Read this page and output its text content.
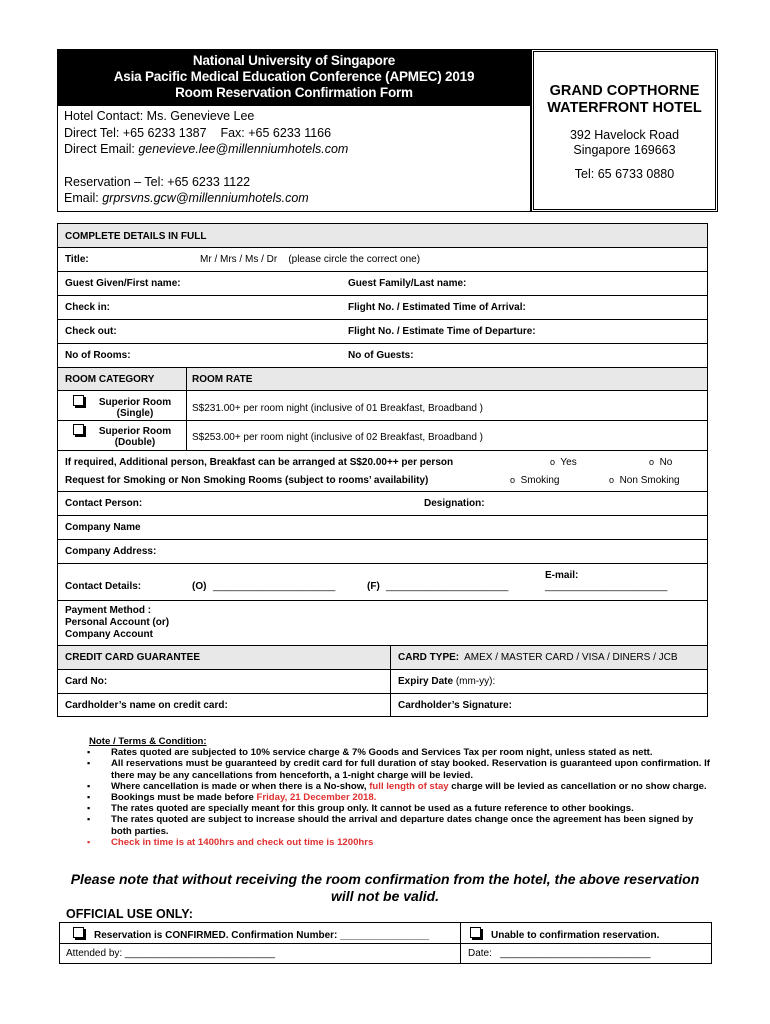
National University of Singapore
Asia Pacific Medical Education Conference (APMEC) 2019
Room Reservation Confirmation Form
Hotel Contact: Ms. Genevieve Lee
Direct Tel: +65 6233 1387    Fax: +65 6233 1166
Direct Email: genevieve.lee@millenniumhotels.com
Reservation – Tel: +65 6233 1122
Email: grprsvns.gcw@millenniumhotels.com
GRAND COPTHORNE
WATERFRONT HOTEL
392 Havelock Road
Singapore 169663
Tel: 65 6733 0880
COMPLETE DETAILS IN FULL
Title:	Mr / Mrs / Ms / Dr    (please circle the correct one)
Guest Given/First name:	Guest Family/Last name:
Check in:	Flight No. / Estimated Time of Arrival:
Check out:	Flight No. / Estimate Time of Departure:
No of Rooms:	No of Guests:
ROOM CATEGORY	ROOM RATE
Superior Room
(Single)	S$231.00+ per room night (inclusive of 01 Breakfast, Broadband )
Superior Room
(Double)	S$253.00+ per room night (inclusive of 02 Breakfast, Broadband )
If required, Additional person, Breakfast can be arranged at S$20.00++ per person	o Yes	o No
Request for Smoking or Non Smoking Rooms (subject to rooms’ availability)	o Smoking	o Non Smoking
Contact Person:	Designation:
Company Name
Company Address:
Contact Details:	(O) ______________________	(F) ______________________
E-mail:
______________________
Payment Method :
Personal Account (or)
Company Account
CREDIT CARD GUARANTEE	CARD TYPE: AMEX / MASTER CARD / VISA / DINERS / JCB
Card No:	Expiry Date (mm-yy):
Cardholder’s name on credit card:	Cardholder’s Signature:
Note / Terms & Condition:
▪ Rates quoted are subjected to 10% service charge & 7% Goods and Services Tax per room night, unless stated as nett.
▪ All reservations must be guaranteed by credit card for full duration of stay booked. Reservation is guaranteed upon confirmation. If there may be any cancellations from henceforth, a 1-night charge will be levied.
▪ Where cancellation is made or when there is a No-show, full length of stay charge will be levied as cancellation or no show charge.
▪ Bookings must be made before Friday, 21 December 2018.
▪ The rates quoted are specially meant for this group only. It cannot be used as a future reference to other bookings.
▪ The rates quoted are subject to increase should the arrival and departure dates change once the agreement has been signed by both parties.
▪ Check in time is at 1400hrs and check out time is 1200hrs
Please note that without receiving the room confirmation from the hotel, the above reservation
will not be valid.
OFFICIAL USE ONLY:
Reservation is CONFIRMED. Confirmation Number: ________________	Unable to confirmation reservation.
Attended by: ___________________________	Date:   ___________________________
